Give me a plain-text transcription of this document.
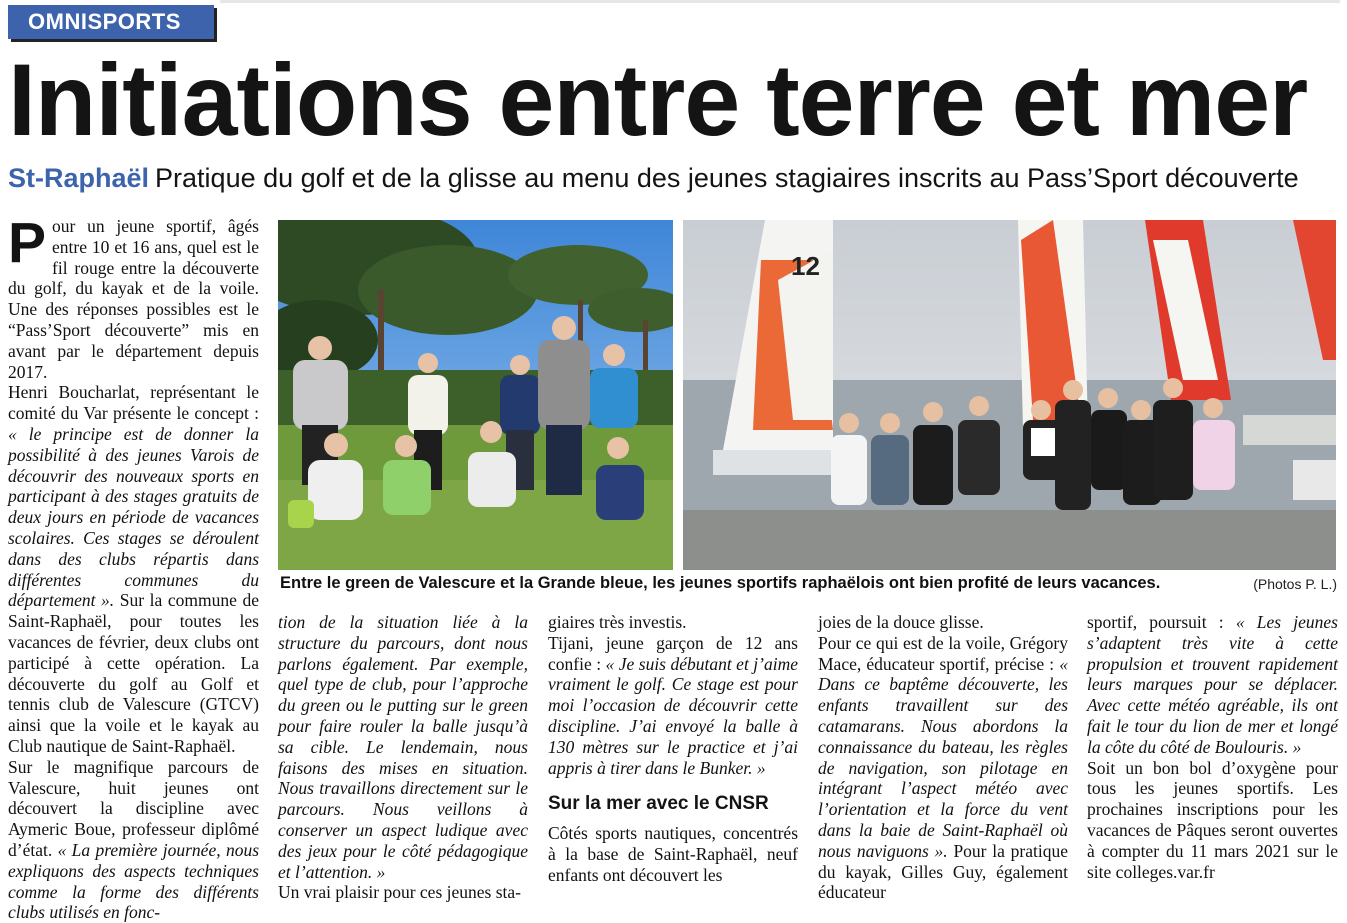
OMNISPORTS
Initiations entre terre et mer
St-Raphaël Pratique du golf et de la glisse au menu des jeunes stagiaires inscrits au Pass’Sport découverte

Pour un jeune sportif, âgés entre 10 et 16 ans, quel est le fil rouge entre la découverte du golf, du kayak et de la voile. Une des réponses possibles est le “Pass’Sport découverte” mis en avant par le département depuis 2017.

Henri Boucharlat, représentant le comité du Var présente le concept : « le principe est de donner la possibilité à des jeunes Varois de découvrir des nouveaux sports en participant à des stages gratuits de deux jours en période de vacances scolaires. Ces stages se déroulent dans des clubs répartis dans différentes communes du département ». Sur la commune de Saint-Raphaël, pour toutes les vacances de février, deux clubs ont participé à cette opération. La découverte du golf au Golf et tennis club de Valescure (GTCV) ainsi que la voile et le kayak au Club nautique de Saint-Raphaël.

Sur le magnifique parcours de Valescure, huit jeunes ont découvert la discipline avec Aymeric Boue, professeur diplômé d’état. « La première journée, nous expliquons des aspects techniques comme la forme des différents clubs utilisés en fonc-

12
Entre le green de Valescure et la Grande bleue, les jeunes sportifs raphaëlois ont bien profité de leurs vacances.	(Photos P. L.)

tion de la situation liée à la structure du parcours, dont nous parlons également. Par exemple, quel type de club, pour l’approche du green ou le putting sur le green pour faire rouler la balle jusqu’à sa cible. Le lendemain, nous faisons des mises en situation. Nous travaillons directement sur le parcours. Nous veillons à conserver un aspect ludique avec des jeux pour le côté pédagogique et l’attention. »

Un vrai plaisir pour ces jeunes sta-

giaires très investis.

Tijani, jeune garçon de 12 ans confie : « Je suis débutant et j’aime vraiment le golf. Ce stage est pour moi l’occasion de découvrir cette discipline. J’ai envoyé la balle à 130 mètres sur le practice et j’ai appris à tirer dans le Bunker. »

Sur la mer avec le CNSR

Côtés sports nautiques, concentrés à la base de Saint-Raphaël, neuf enfants ont découvert les

joies de la douce glisse.

Pour ce qui est de la voile, Grégory Mace, éducateur sportif, précise : « Dans ce baptême découverte, les enfants travaillent sur des catamarans. Nous abordons la connaissance du bateau, les règles de navigation, son pilotage en intégrant l’aspect météo avec l’orientation et la force du vent dans la baie de Saint-Raphaël où nous naviguons ». Pour la pratique du kayak, Gilles Guy, également éducateur

sportif, poursuit : « Les jeunes s’adaptent très vite à cette propulsion et trouvent rapidement leurs marques pour se déplacer. Avec cette météo agréable, ils ont fait le tour du lion de mer et longé la côte du côté de Boulouris. »

Soit un bon bol d’oxygène pour tous les jeunes sportifs. Les prochaines inscriptions pour les vacances de Pâques seront ouvertes à compter du 11 mars 2021 sur le site colleges.var.fr
